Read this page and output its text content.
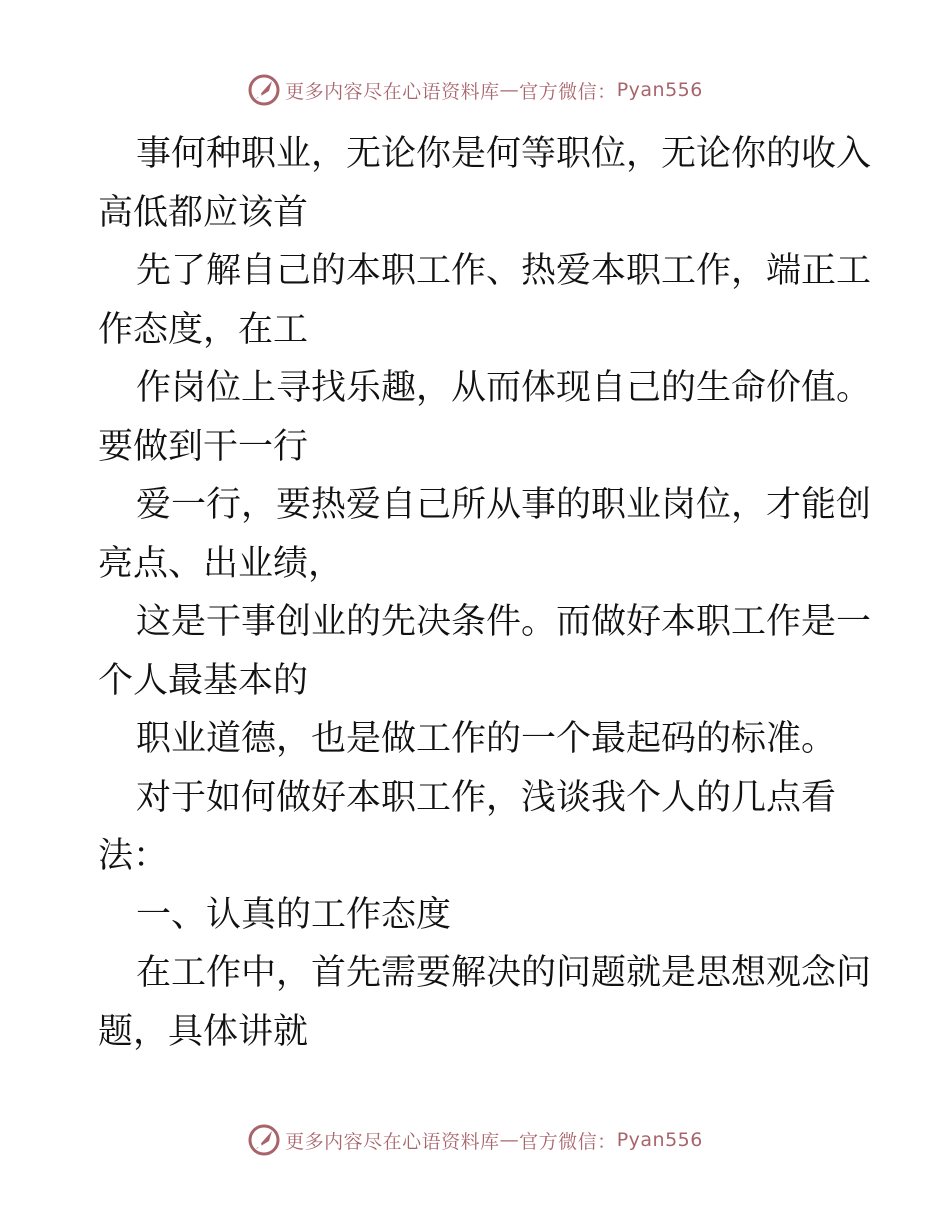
更多内容尽在心语资料库 — 官方微信： Pyan556
事何种职业，无论你是何等职位，无论你的收入
高低都应该首
先了解自己的本职工作、热爱本职工作，端正工
作态度，在工
作岗位上寻找乐趣，从而体现自己的生命价值。
要做到干一行
爱一行，要热爱自己所从事的职业岗位，才能创
亮点、出业绩，
这是干事创业的先决条件。而做好本职工作是一
个人最基本的
职业道德，也是做工作的一个最起码的标准。
对于如何做好本职工作，浅谈我个人的几点看
法：
一、认真的工作态度
在工作中，首先需要解决的问题就是思想观念问
题，具体讲就
更多内容尽在心语资料库 — 官方微信： Pyan556
